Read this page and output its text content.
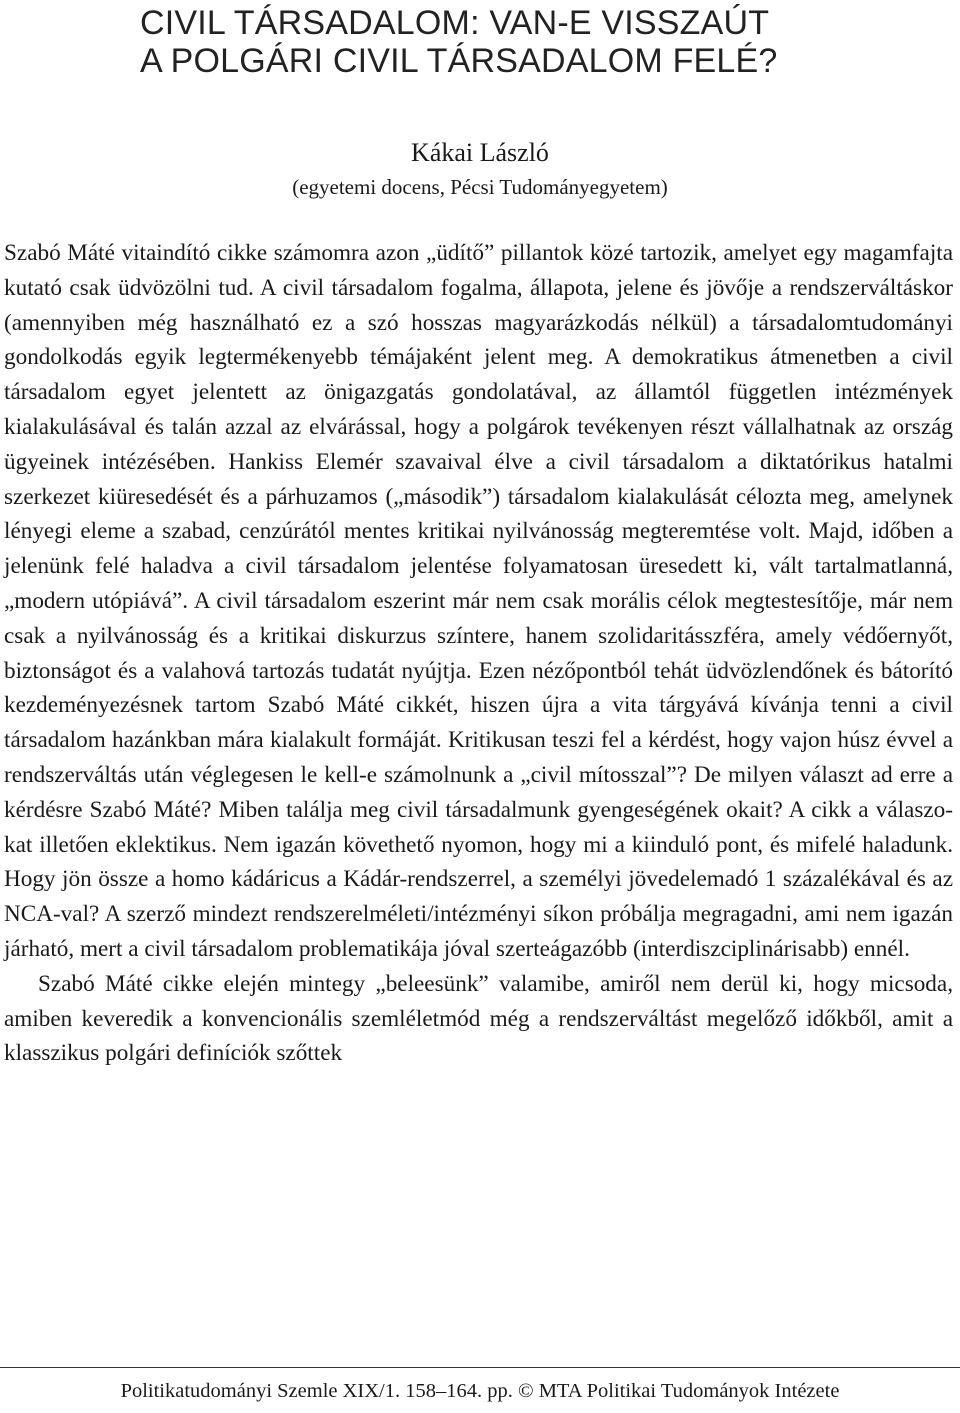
CIVIL TÁRSADALOM: VAN-E VISSZAÚT
A POLGÁRI CIVIL TÁRSADALOM FELÉ?
Kákai László
(egyetemi docens, Pécsi Tudományegyetem)

Szabó Máté vitaindító cikke számomra azon „üdítő” pillantok közé tartozik, amelyet egy magamfajta kutató csak üdvözölni tud. A civil társadalom fogalma, állapota, jelene és jövője a rendszerváltáskor (amennyiben még használható ez a szó hosszas magyarázkodás nélkül) a társadalomtudományi gondolkodás egyik legtermékenyebb témájaként jelent meg. A demokratikus átmenetben a civil társadalom egyet jelentett az önigazgatás gondolatával, az államtól független intézmények kialakulásával és talán azzal az elvárással, hogy a polgárok tevékenyen részt vállalhatnak az ország ügyeinek intézésében. Hankiss Elemér szavaival élve a civil társadalom a diktatórikus hatalmi szerkezet kiüresedését és a párhuzamos („második”) társadalom kialakulását célozta meg, amelynek lényegi eleme a szabad, cenzúrától mentes kritikai nyilvánosság megteremtése volt. Majd, időben a jelenünk felé haladva a civil társadalom jelentése folyamatosan üresedett ki, vált tartalmatlanná, „modern utópiává”. A civil társadalom eszerint már nem csak morális célok megtestesítője, már nem csak a nyilvánosság és a kritikai diskurzus színtere, hanem szolidaritásszféra, amely védőernyőt, biztonságot és a valahová tartozás tudatát nyújtja. Ezen nézőpontból tehát üdvözlendőnek és bátorító kezdeményezésnek tartom Szabó Máté cikkét, hiszen újra a vita tárgyává kívánja tenni a civil társadalom hazánkban mára kialakult formáját. Kritikusan teszi fel a kérdést, hogy vajon húsz évvel a rendszerváltás után véglegesen le kell-e számolnunk a „civil mítosszal”? De milyen választ ad erre a kérdésre Szabó Máté? Miben találja meg civil társadalmunk gyengeségének okait? A cikk a válaszokat illetően eklektikus. Nem igazán követhető nyomon, hogy mi a kiinduló pont, és mifelé haladunk. Hogy jön össze a homo kádáricus a Kádár-rendszerrel, a személyi jövedelemadó 1 százalékával és az NCA-val? A szerző mindezt rendszerelméleti/intézményi síkon próbálja megragadni, ami nem igazán járható, mert a civil társadalom problematikája jóval szerteágazóbb (interdiszciplinárisabb) ennél.

Szabó Máté cikke elején mintegy „beleesünk” valamibe, amiről nem derül ki, hogy micsoda, amiben keveredik a konvencionális szemléletmód még a rendszerváltást megelőző időkből, amit a klasszikus polgári definíciók szőttek

Politikatudományi Szemle XIX/1. 158–164. pp. © MTA Politikai Tudományok Intézete
